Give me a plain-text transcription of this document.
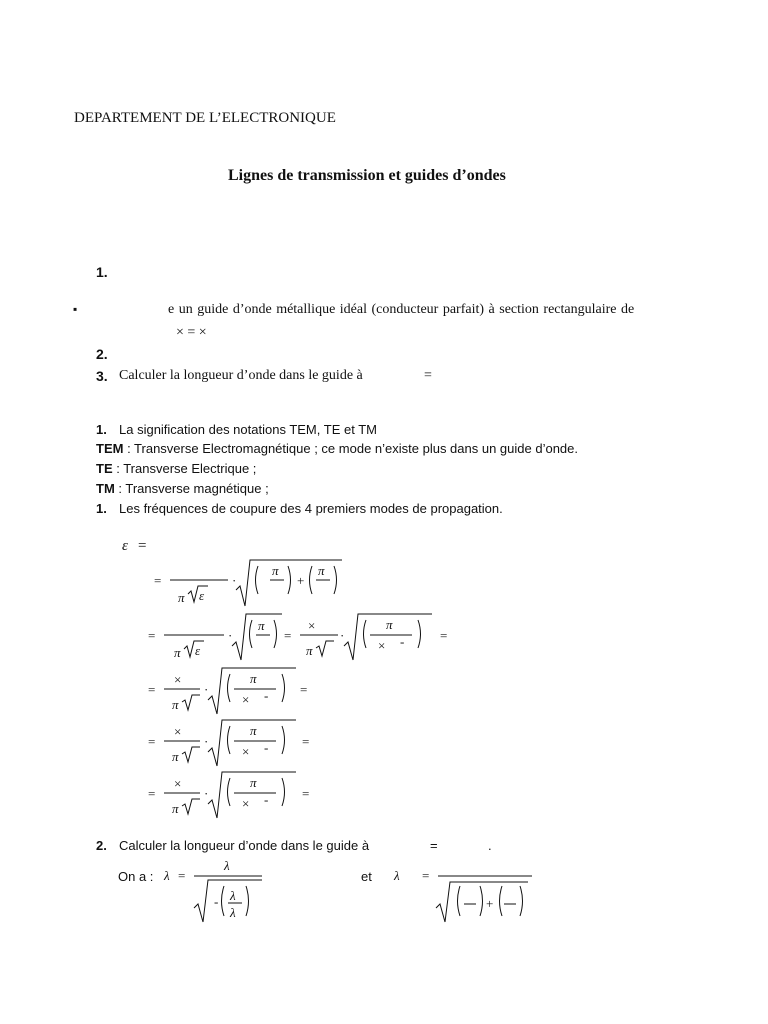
DEPARTEMENT DE L’ELECTRONIQUE
Lignes de transmission et guides d’ondes
1.
▪	e un guide d’onde métallique idéal (conducteur parfait) à section rectangulaire de
× = ×
2.
3. Calculer la longueur d’onde dans le guide à	=
1. La signification des notations TEM, TE et TM
TEM : Transverse Electromagnétique ; ce mode n’existe plus dans un guide d’onde.
TE : Transverse Electrique ;
TM : Transverse magnétique ;
1. Les fréquences de coupure des 4 premiers modes de propagation.
ε =
=
π ε
·
π
+
π
=
π ε
·
π
=
×
π
·
π
× -	=
=
×
π
·
π
× - =
=
×
π
·
π
× -	=
=
×
π
·
π
× -	=
2. Calculer la longueur d’onde dans le guide à	=	.
On a :	et
λ =
λ
- λ
λ
λ =
+
